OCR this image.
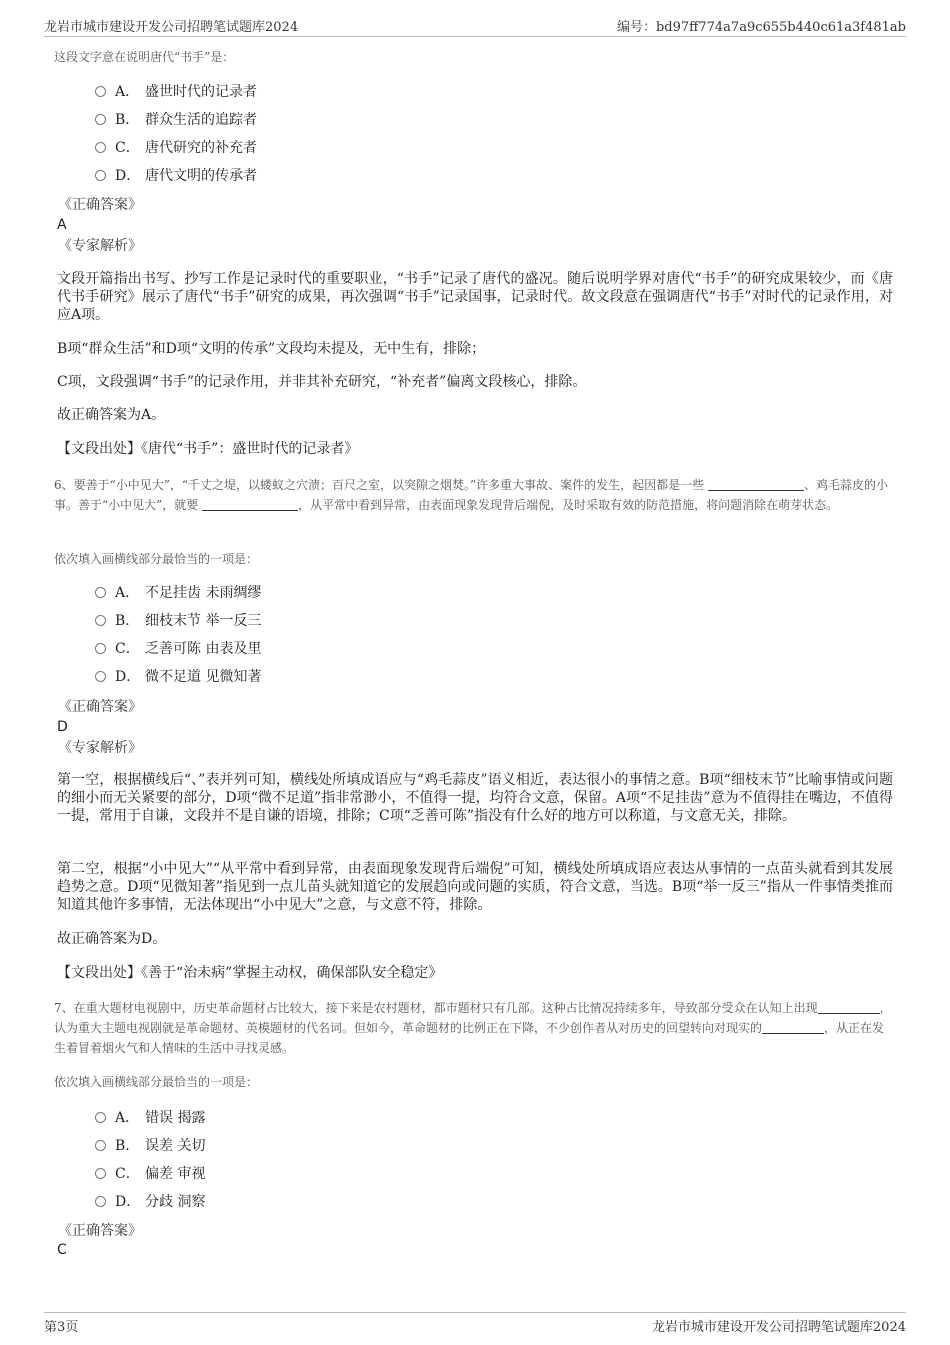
龙岩市城市建设开发公司招聘笔试题库2024	编号：bd97ff774a7a9c655b440c61a3f481ab
这段文字意在说明唐代“书手”是：
A． 盛世时代的记录者
B． 群众生活的追踪者
C． 唐代研究的补充者
D． 唐代文明的传承者
《正确答案》
A
《专家解析》
文段开篇指出书写、抄写工作是记录时代的重要职业，“书手”记录了唐代的盛况。随后说明学界对唐代“书手”的研究成果较少，而《唐代书手研究》展示了唐代“书手”研究的成果，再次强调“书手”记录国事，记录时代。故文段意在强调唐代“书手”对时代的记录作用，对应A项。
B项“群众生活”和D项“文明的传承”文段均未提及，无中生有，排除；
C项，文段强调“书手”的记录作用，并非其补充研究，“补充者”偏离文段核心，排除。
故正确答案为A。
【文段出处】《唐代“书手”：盛世时代的记录者》
6、要善于“小中见大”，“千丈之堤，以蝼蚁之穴溃；百尺之室，以突隙之烟焚。”许多重大事故、案件的发生，起因都是一些	、鸡毛蒜皮的小事。善于“小中见大”，就要	，从平常中看到异常，由表面现象发现背后端倪，及时采取有效的防范措施，将问题消除在萌芽状态。
依次填入画横线部分最恰当的一项是：
A． 不足挂齿 未雨绸缪
B． 细枝末节 举一反三
C． 乏善可陈 由表及里
D． 微不足道 见微知著
《正确答案》
D
《专家解析》
第一空，根据横线后“、”表并列可知，横线处所填成语应与“鸡毛蒜皮”语义相近，表达很小的事情之意。B项“细枝末节”比喻事情或问题的细小而无关紧要的部分，D项“微不足道”指非常渺小，不值得一提，均符合文意，保留。A项“不足挂齿”意为不值得挂在嘴边，不值得一提，常用于自谦，文段并不是自谦的语境，排除；C项“乏善可陈”指没有什么好的地方可以称道，与文意无关，排除。
第二空，根据“小中见大”“从平常中看到异常，由表面现象发现背后端倪”可知，横线处所填成语应表达从事情的一点苗头就看到其发展趋势之意。D项“见微知著”指见到一点儿苗头就知道它的发展趋向或问题的实质，符合文意，当选。B项“举一反三”指从一件事情类推而知道其他许多事情，无法体现出“小中见大”之意，与文意不符，排除。
故正确答案为D。
【文段出处】《善于“治未病”掌握主动权，确保部队安全稳定》
7、在重大题材电视剧中，历史革命题材占比较大，接下来是农村题材，都市题材只有几部。这种占比情况持续多年，导致部分受众在认知上出现	，认为重大主题电视剧就是革命题材、英模题材的代名词。但如今，革命题材的比例正在下降，不少创作者从对历史的回望转向对现实的	，从正在发生着冒着烟火气和人情味的生活中寻找灵感。
依次填入画横线部分最恰当的一项是：
A． 错误 揭露
B． 误差 关切
C． 偏差 审视
D． 分歧 洞察
《正确答案》
C
第3页	龙岩市城市建设开发公司招聘笔试题库2024
